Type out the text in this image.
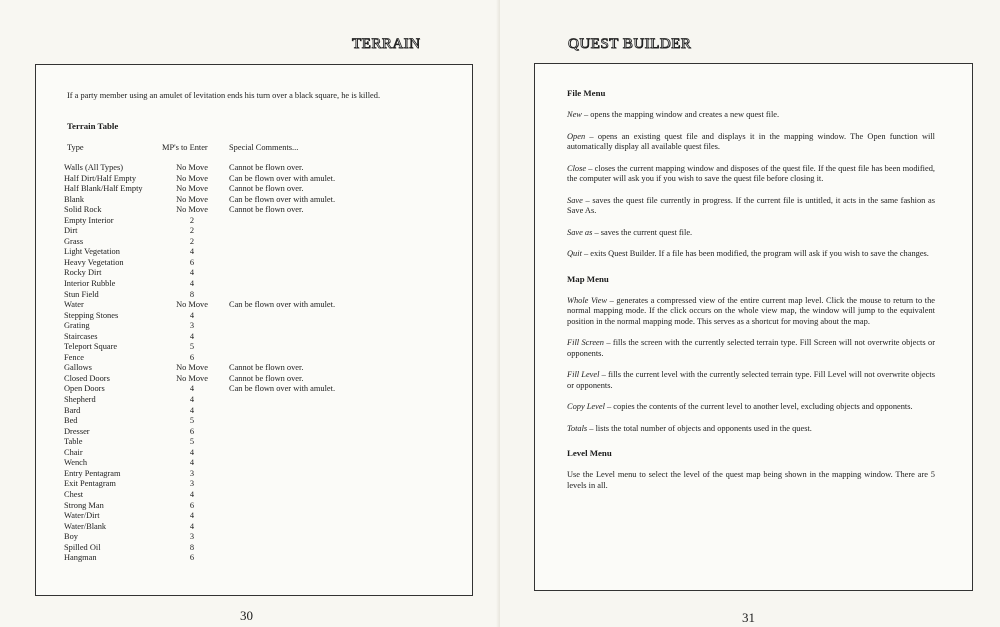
TERRAIN
If a party member using an amulet of levitation ends his turn over a black square, he is killed.
Terrain Table
Type	MP's to Enter	Special Comments...
Walls (All Types)	No Move	Cannot be flown over.
Half Dirt/Half Empty	No Move	Can be flown over with amulet.
Half Blank/Half Empty	No Move	Cannot be flown over.
Blank	No Move	Can be flown over with amulet.
Solid Rock	No Move	Cannot be flown over.
Empty Interior	2
Dirt	2
Grass	2
Light Vegetation	4
Heavy Vegetation	6
Rocky Dirt	4
Interior Rubble	4
Stun Field	8
Water	No Move	Can be flown over with amulet.
Stepping Stones	4
Grating	3
Staircases	4
Teleport Square	5
Fence	6
Gallows	No Move	Cannot be flown over.
Closed Doors	No Move	Cannot be flown over.
Open Doors	4	Can be flown over with amulet.
Shepherd	4
Bard	4
Bed	5
Dresser	6
Table	5
Chair	4
Wench	4
Entry Pentagram	3
Exit Pentagram	3
Chest	4
Strong Man	6
Water/Dirt	4
Water/Blank	4
Boy	3
Spilled Oil	8
Hangman	6
30
QUEST BUILDER
File Menu
New – opens the mapping window and creates a new quest file.
Open – opens an existing quest file and displays it in the mapping window. The Open function will automatically display all available quest files.
Close – closes the current mapping window and disposes of the quest file. If the quest file has been modified, the computer will ask you if you wish to save the quest file before closing it.
Save – saves the quest file currently in progress. If the current file is untitled, it acts in the same fashion as Save As.
Save as – saves the current quest file.
Quit – exits Quest Builder. If a file has been modified, the program will ask if you wish to save the changes.
Map Menu
Whole View – generates a compressed view of the entire current map level. Click the mouse to return to the normal mapping mode. If the click occurs on the whole view map, the window will jump to the equivalent position in the normal mapping mode. This serves as a shortcut for moving about the map.
Fill Screen – fills the screen with the currently selected terrain type. Fill Screen will not overwrite objects or opponents.
Fill Level – fills the current level with the currently selected terrain type. Fill Level will not overwrite objects or opponents.
Copy Level – copies the contents of the current level to another level, excluding objects and opponents.
Totals – lists the total number of objects and opponents used in the quest.
Level Menu
Use the Level menu to select the level of the quest map being shown in the mapping window. There are 5 levels in all.
31
